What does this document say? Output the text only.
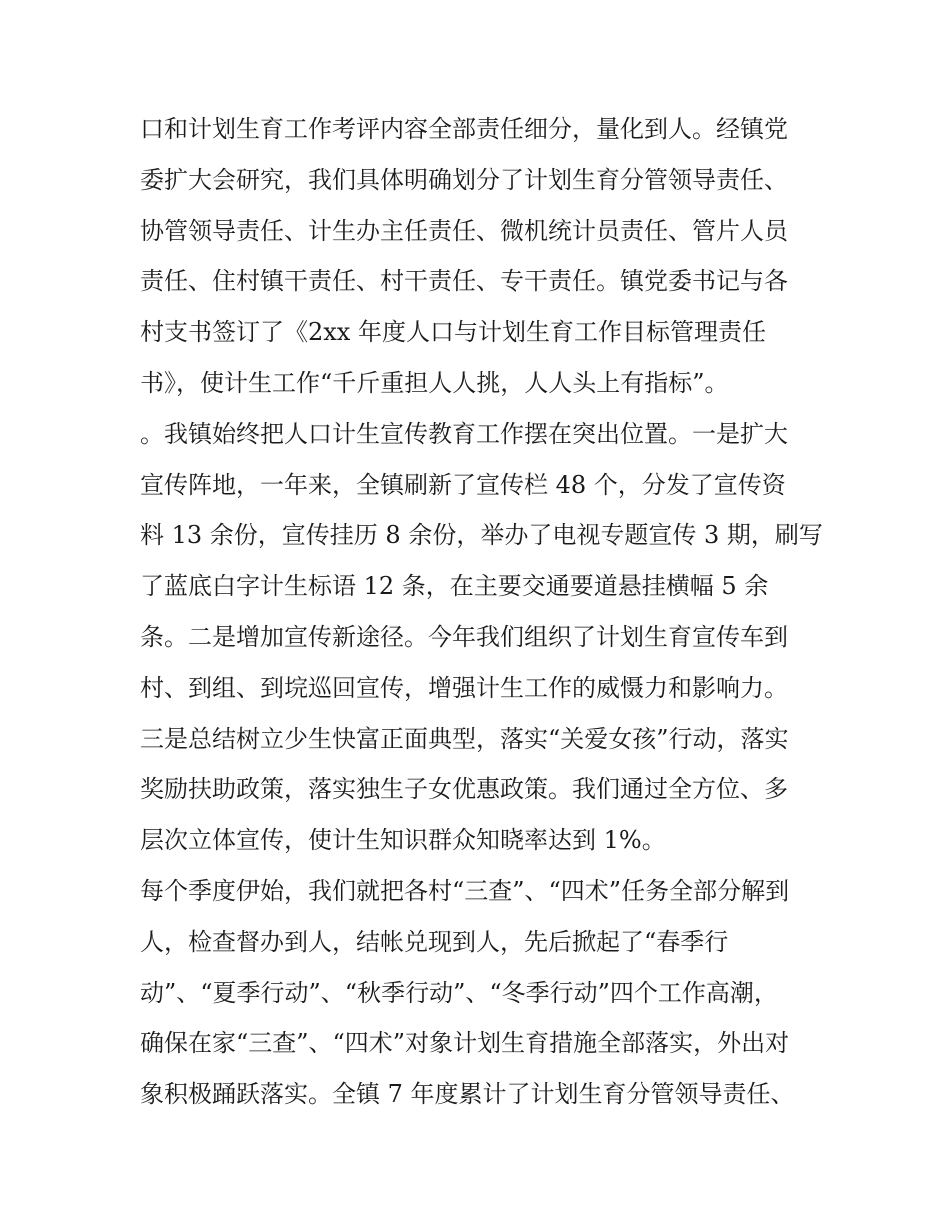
口和计划生育工作考评内容全部责任细分，量化到人。经镇党
委扩大会研究，我们具体明确划分了计划生育分管领导责任、
协管领导责任、计生办主任责任、微机统计员责任、管片人员
责任、住村镇干责任、村干责任、专干责任。镇党委书记与各
村支书签订了《2xx 年度人口与计划生育工作目标管理责任
书》，使计生工作“千斤重担人人挑，人人头上有指标”。
。我镇始终把人口计生宣传教育工作摆在突出位置。一是扩大
宣传阵地，一年来，全镇刷新了宣传栏 48 个，分发了宣传资
料 13 余份，宣传挂历 8 余份，举办了电视专题宣传 3 期，刷写
了蓝底白字计生标语 12 条，在主要交通要道悬挂横幅 5 余
条。二是增加宣传新途径。今年我们组织了计划生育宣传车到
村、到组、到垸巡回宣传，增强计生工作的威慑力和影响力。
三是总结树立少生快富正面典型，落实“关爱女孩”行动，落实
奖励扶助政策，落实独生子女优惠政策。我们通过全方位、多
层次立体宣传，使计生知识群众知晓率达到 1%。
每个季度伊始，我们就把各村“三查”、“四术”任务全部分解到
人，检查督办到人，结帐兑现到人，先后掀起了“春季行
动”、“夏季行动”、“秋季行动”、“冬季行动”四个工作高潮，
确保在家“三查”、“四术”对象计划生育措施全部落实，外出对
象积极踊跃落实。全镇 7 年度累计了计划生育分管领导责任、
